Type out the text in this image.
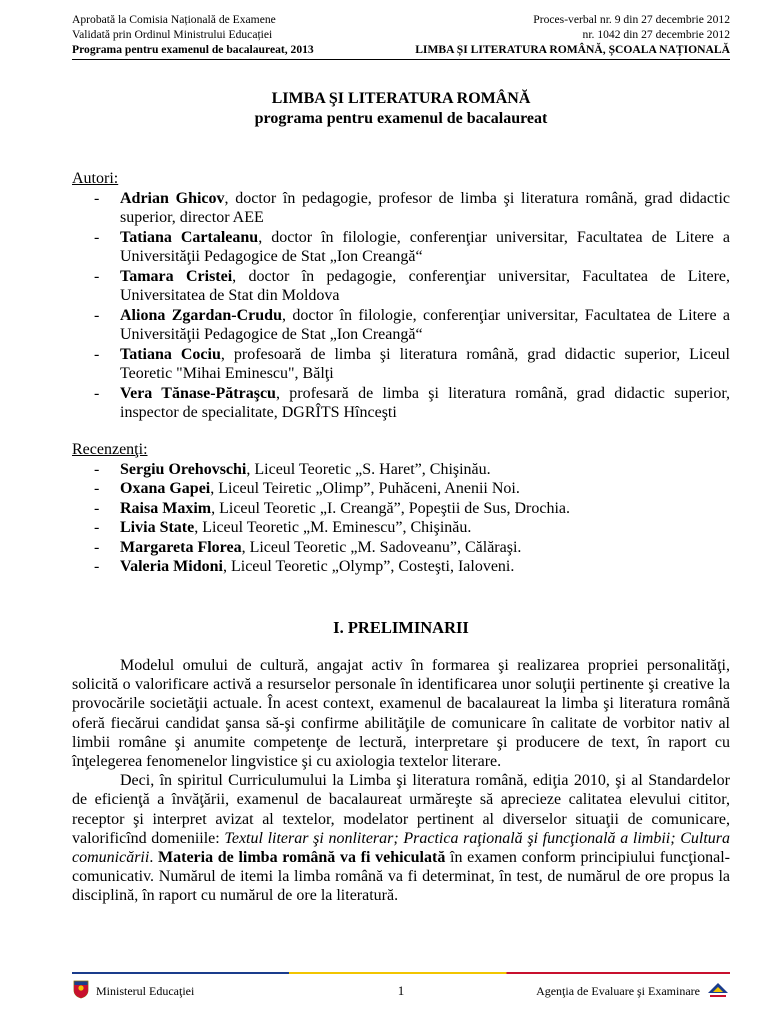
Aprobată la Comisia Națională de Examene	Proces-verbal nr. 9 din 27 decembrie 2012
Validată prin Ordinul Ministrului Educației	nr. 1042 din 27 decembrie 2012
Programa pentru examenul de bacalaureat, 2013	LIMBA ȘI LITERATURA ROMÂNĂ, ȘCOALA NAȚIONALĂ
LIMBA ŞI LITERATURA ROMÂNĂ
programa pentru examenul de bacalaureat
Autori:
- Adrian Ghicov, doctor în pedagogie, profesor de limba şi literatura română, grad didactic superior, director AEE
- Tatiana Cartaleanu, doctor în filologie, conferenţiar universitar, Facultatea de Litere a Universităţii Pedagogice de Stat „Ion Creangă“
- Tamara Cristei, doctor în pedagogie, conferenţiar universitar, Facultatea de Litere, Universitatea de Stat din Moldova
- Aliona Zgardan-Crudu, doctor în filologie, conferenţiar universitar, Facultatea de Litere a Universităţii Pedagogice de Stat „Ion Creangă“
- Tatiana Cociu, profesoară de limba şi literatura română, grad didactic superior, Liceul Teoretic "Mihai Eminescu", Bălţi
- Vera Tănase-Pătraşcu, profesară de limba şi literatura română, grad didactic superior, inspector de specialitate, DGRÎTS Hînceşti
Recenzenţi:
- Sergiu Orehovschi, Liceul Teoretic „S. Haret”, Chişinău.
- Oxana Gapei, Liceul Teiretic „Olimp”, Puhăceni, Anenii Noi.
- Raisa Maxim, Liceul Teoretic „I. Creangă”, Popeştii de Sus, Drochia.
- Livia State, Liceul Teoretic „M. Eminescu”, Chişinău.
- Margareta Florea, Liceul Teoretic „M. Sadoveanu”, Călăraşi.
- Valeria Midoni, Liceul Teoretic „Olymp”, Costeşti, Ialoveni.
I. PRELIMINARII

Modelul omului de cultură, angajat activ în formarea şi realizarea propriei personalităţi, solicită o valorificare activă a resurselor personale în identificarea unor soluţii pertinente şi creative la provocările societăţii actuale. În acest context, examenul de bacalaureat la limba şi literatura română oferă fiecărui candidat şansa să-şi confirme abilităţile de comunicare în calitate de vorbitor nativ al limbii române şi anumite competenţe de lectură, interpretare şi producere de text, în raport cu înţelegerea fenomenelor lingvistice şi cu axiologia textelor literare.

Deci, în spiritul Curriculumului la Limba şi literatura română, ediţia 2010, şi al Standardelor de eficienţă a învăţării, examenul de bacalaureat urmăreşte să aprecieze calitatea elevului cititor, receptor şi interpret avizat al textelor, modelator pertinent al diverselor situaţii de comunicare, valorificînd domeniile: Textul literar şi nonliterar; Practica raţională şi funcţională a limbii; Cultura comunicării. Materia de limba română va fi vehiculată în examen conform principiului funcţional-comunicativ. Numărul de itemi la limba română va fi determinat, în test, de numărul de ore propus la disciplină, în raport cu numărul de ore la literatură.

Ministerul Educaţiei	1	Agenţia de Evaluare şi Examinare
